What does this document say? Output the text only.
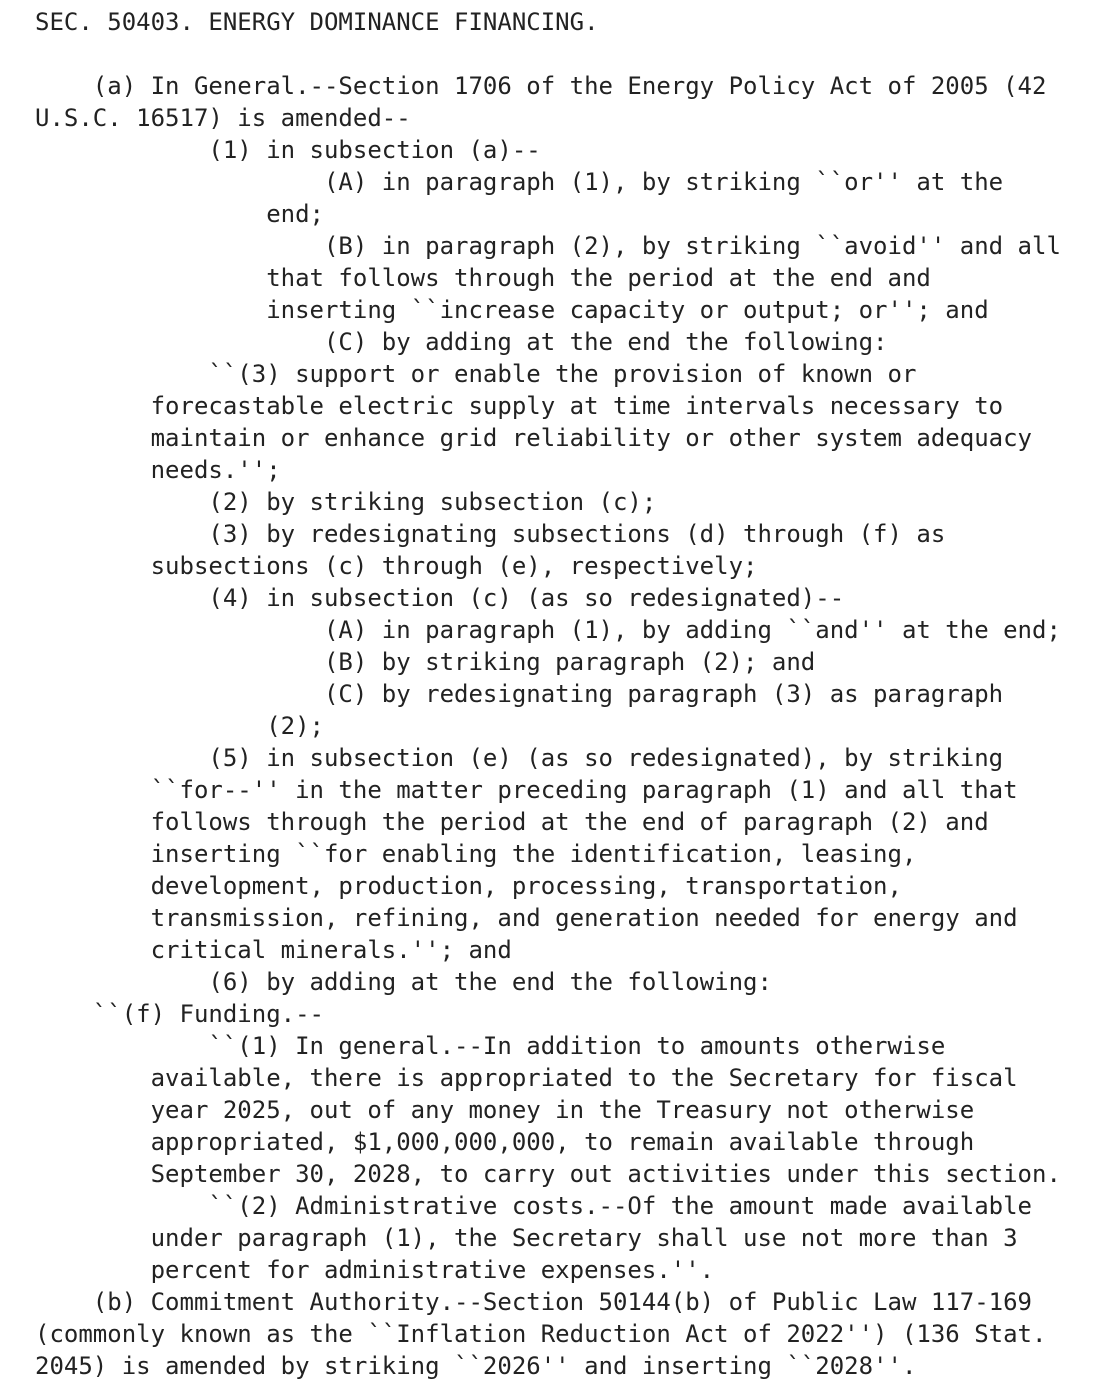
SEC. 50403. ENERGY DOMINANCE FINANCING.
(a) In General.--Section 1706 of the Energy Policy Act of 2005 (42
U.S.C. 16517) is amended--
(1) in subsection (a)--
(A) in paragraph (1), by striking ``or'' at the
end;
(B) in paragraph (2), by striking ``avoid'' and all
that follows through the period at the end and
inserting ``increase capacity or output; or''; and
(C) by adding at the end the following:
``(3) support or enable the provision of known or
forecastable electric supply at time intervals necessary to
maintain or enhance grid reliability or other system adequacy
needs.'';
(2) by striking subsection (c);
(3) by redesignating subsections (d) through (f) as
subsections (c) through (e), respectively;
(4) in subsection (c) (as so redesignated)--
(A) in paragraph (1), by adding ``and'' at the end;
(B) by striking paragraph (2); and
(C) by redesignating paragraph (3) as paragraph
(2);
(5) in subsection (e) (as so redesignated), by striking
``for--'' in the matter preceding paragraph (1) and all that
follows through the period at the end of paragraph (2) and
inserting ``for enabling the identification, leasing,
development, production, processing, transportation,
transmission, refining, and generation needed for energy and
critical minerals.''; and
(6) by adding at the end the following:
``(f) Funding.--
``(1) In general.--In addition to amounts otherwise
available, there is appropriated to the Secretary for fiscal
year 2025, out of any money in the Treasury not otherwise
appropriated, $1,000,000,000, to remain available through
September 30, 2028, to carry out activities under this section.
``(2) Administrative costs.--Of the amount made available
under paragraph (1), the Secretary shall use not more than 3
percent for administrative expenses.''.
(b) Commitment Authority.--Section 50144(b) of Public Law 117-169
(commonly known as the ``Inflation Reduction Act of 2022'') (136 Stat.
2045) is amended by striking ``2026'' and inserting ``2028''.
